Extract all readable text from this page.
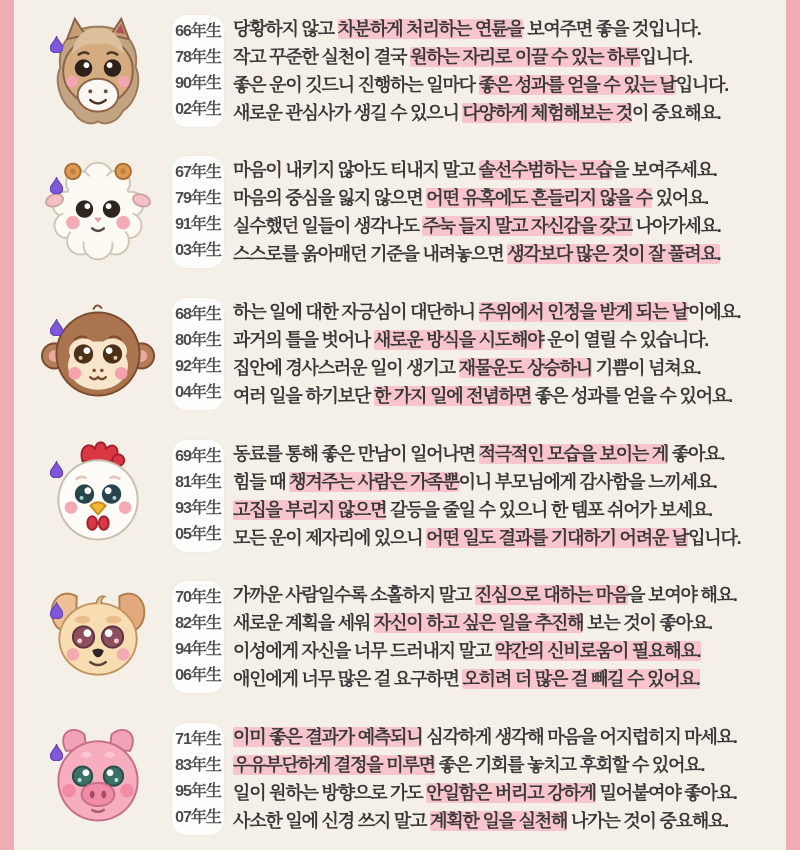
66年生
78年生
90年生
02年生
당황하지 않고 차분하게 처리하는 연륜을 보여주면 좋을 것입니다.
작고 꾸준한 실천이 결국 원하는 자리로 이끌 수 있는 하루입니다.
좋은 운이 깃드니 진행하는 일마다 좋은 성과를 얻을 수 있는 날입니다.
새로운 관심사가 생길 수 있으니 다양하게 체험해보는 것이 중요해요.
67年生
79年生
91年生
03年生
마음이 내키지 않아도 티내지 말고 솔선수범하는 모습을 보여주세요.
마음의 중심을 잃지 않으면 어떤 유혹에도 흔들리지 않을 수 있어요.
실수했던 일들이 생각나도 주눅 들지 말고 자신감을 갖고 나아가세요.
스스로를 옭아매던 기준을 내려놓으면 생각보다 많은 것이 잘 풀려요.
68年生
80年生
92年生
04年生
하는 일에 대한 자긍심이 대단하니 주위에서 인정을 받게 되는 날이에요.
과거의 틀을 벗어나 새로운 방식을 시도해야 운이 열릴 수 있습니다.
집안에 경사스러운 일이 생기고 재물운도 상승하니 기쁨이 넘쳐요.
여러 일을 하기보단 한 가지 일에 전념하면 좋은 성과를 얻을 수 있어요.
69年生
81年生
93年生
05年生
동료를 통해 좋은 만남이 일어나면 적극적인 모습을 보이는 게 좋아요.
힘들 때 챙겨주는 사람은 가족뿐이니 부모님에게 감사함을 느끼세요.
고집을 부리지 않으면 갈등을 줄일 수 있으니 한 템포 쉬어가 보세요.
모든 운이 제자리에 있으니 어떤 일도 결과를 기대하기 어려운 날입니다.
70年生
82年生
94年生
06年生
가까운 사람일수록 소홀하지 말고 진심으로 대하는 마음을 보여야 해요.
새로운 계획을 세워 자신이 하고 싶은 일을 추진해 보는 것이 좋아요.
이성에게 자신을 너무 드러내지 말고 약간의 신비로움이 필요해요.
애인에게 너무 많은 걸 요구하면 오히려 더 많은 걸 빼길 수 있어요.
71年生
83年生
95年生
07年生
이미 좋은 결과가 예측되니 심각하게 생각해 마음을 어지럽히지 마세요.
우유부단하게 결정을 미루면 좋은 기회를 놓치고 후회할 수 있어요.
일이 원하는 방향으로 가도 안일함은 버리고 강하게 밀어붙여야 좋아요.
사소한 일에 신경 쓰지 말고 계획한 일을 실천해 나가는 것이 중요해요.
